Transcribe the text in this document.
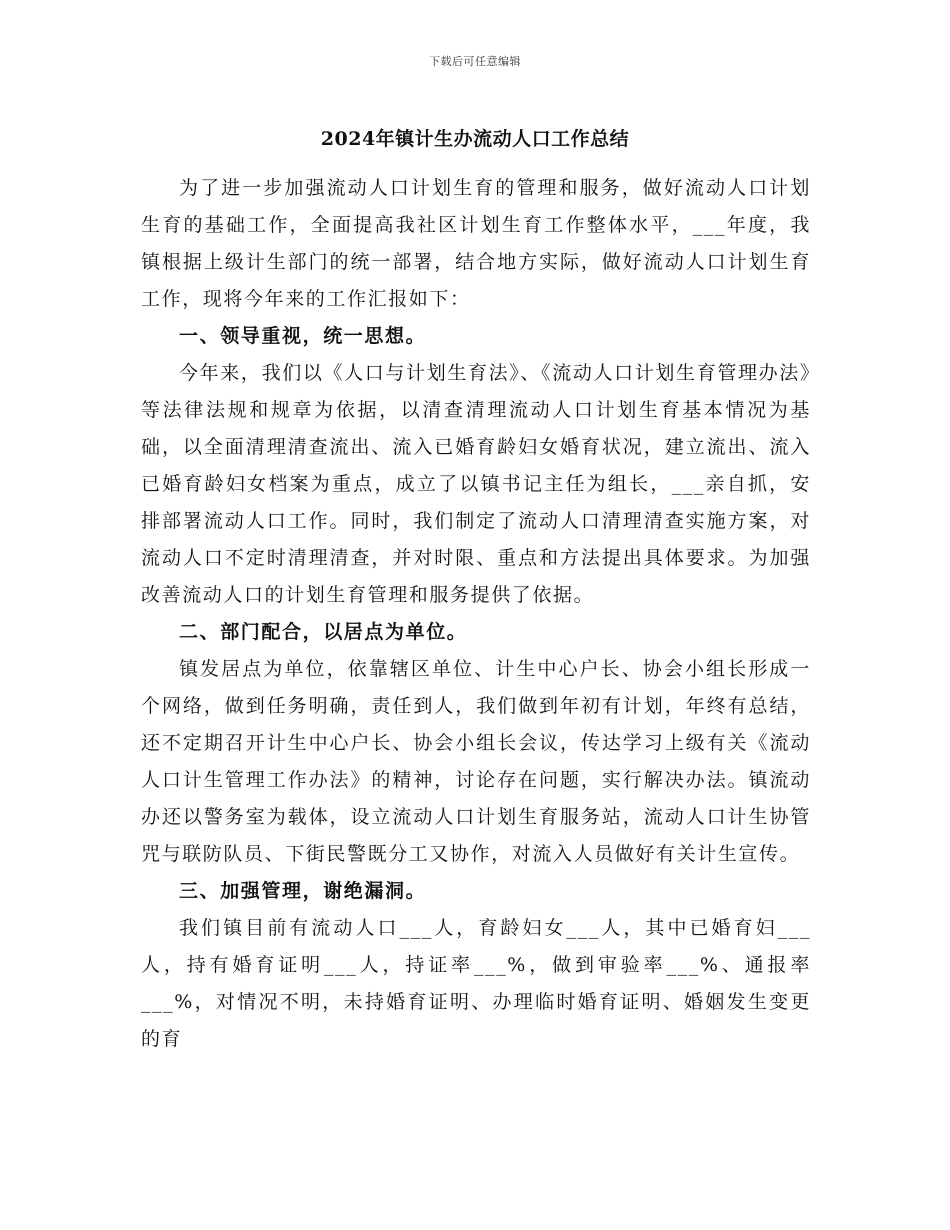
下载后可任意编辑
2024年镇计生办流动人口工作总结

为了进一步加强流动人口计划生育的管理和服务，做好流动人口计划生育的基础工作，全面提高我社区计划生育工作整体水平，___年度，我镇根据上级计生部门的统一部署，结合地方实际，做好流动人口计划生育工作，现将今年来的工作汇报如下：

一、领导重视，统一思想。

今年来，我们以《人口与计划生育法》、《流动人口计划生育管理办法》等法律法规和规章为依据，以清查清理流动人口计划生育基本情况为基础，以全面清理清查流出、流入已婚育龄妇女婚育状况，建立流出、流入已婚育龄妇女档案为重点，成立了以镇书记主任为组长，___亲自抓，安排部署流动人口工作。同时，我们制定了流动人口清理清查实施方案，对流动人口不定时清理清查，并对时限、重点和方法提出具体要求。为加强改善流动人口的计划生育管理和服务提供了依据。

二、部门配合，以居点为单位。

镇发居点为单位，依靠辖区单位、计生中心户长、协会小组长形成一个网络，做到任务明确，责任到人，我们做到年初有计划，年终有总结，还不定期召开计生中心户长、协会小组长会议，传达学习上级有关《流动人口计生管理工作办法》的精神，讨论存在问题，实行解决办法。镇流动办还以警务室为载体，设立流动人口计划生育服务站，流动人口计生协管咒与联防队员、下街民警既分工又协作，对流入人员做好有关计生宣传。

三、加强管理，谢绝漏洞。

我们镇目前有流动人口___人，育龄妇女___人，其中已婚育妇___人，持有婚育证明___人，持证率___%，做到审验率___%、通报率___%，对情况不明，未持婚育证明、办理临时婚育证明、婚姻发生变更的育
